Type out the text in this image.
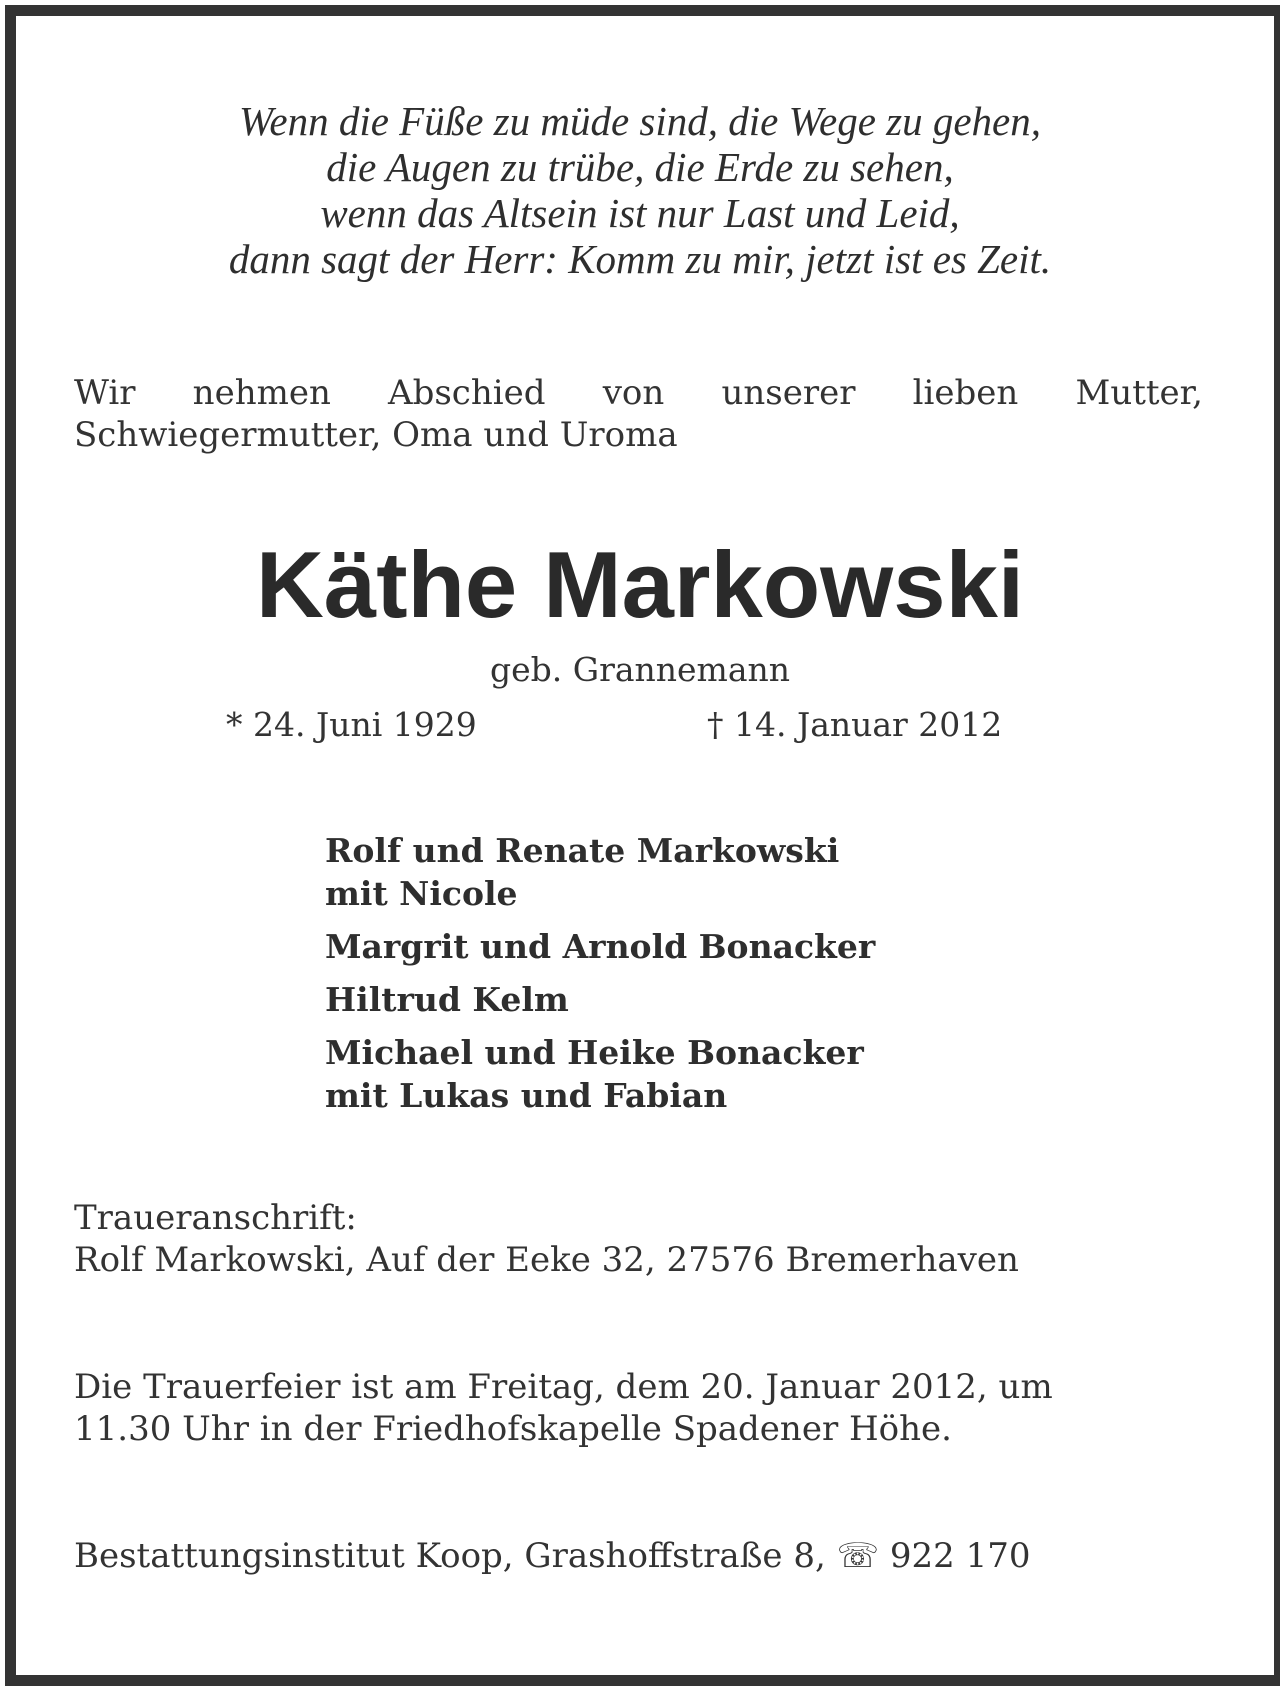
Wenn die Füße zu müde sind, die Wege zu gehen,
die Augen zu trübe, die Erde zu sehen,
wenn das Altsein ist nur Last und Leid,
dann sagt der Herr: Komm zu mir, jetzt ist es Zeit.
Wir nehmen Abschied von unserer lieben Mutter,
Schwiegermutter, Oma und Uroma
Käthe Markowski
geb. Grannemann
* 24. Juni 1929	† 14. Januar 2012
Rolf und Renate Markowski
mit Nicole
Margrit und Arnold Bonacker
Hiltrud Kelm
Michael und Heike Bonacker
mit Lukas und Fabian
Traueranschrift:
Rolf Markowski, Auf der Eeke 32, 27576 Bremerhaven
Die Trauerfeier ist am Freitag, dem 20. Januar 2012, um
11.30 Uhr in der Friedhofskapelle Spadener Höhe.
Bestattungsinstitut Koop, Grashoffstraße 8, ☏ 922 170
